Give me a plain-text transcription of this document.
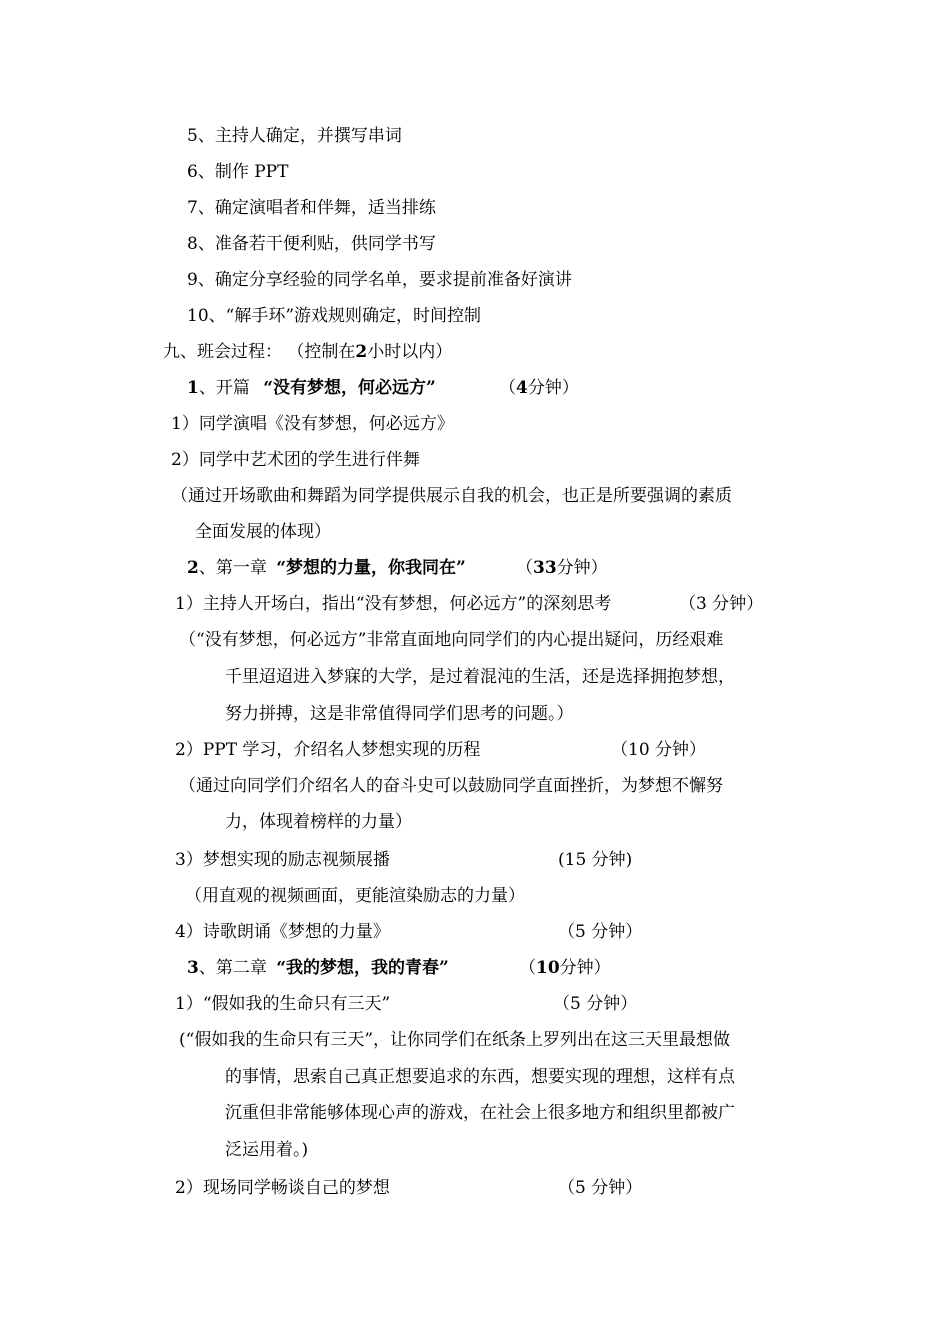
5、主持人确定，并撰写串词
6、制作 PPT
7、确定演唱者和伴舞，适当排练
8、准备若干便利贴，供同学书写
9、确定分享经验的同学名单，要求提前准备好演讲
10、“解手环”游戏规则确定，时间控制
九、班会过程： （控制在2小时以内）
1、开篇 “没有梦想，何必远方”	（4分钟）
1）同学演唱《没有梦想，何必远方》
2）同学中艺术团的学生进行伴舞
（通过开场歌曲和舞蹈为同学提供展示自我的机会，也正是所要强调的素质
全面发展的体现）
2、第一章 “梦想的力量，你我同在”	（33分钟）
1）主持人开场白，指出“没有梦想，何必远方”的深刻思考	（3 分钟）
（“没有梦想，何必远方”非常直面地向同学们的内心提出疑问，历经艰难
千里迢迢进入梦寐的大学，是过着混沌的生活，还是选择拥抱梦想，
努力拼搏，这是非常值得同学们思考的问题。）
2）PPT 学习，介绍名人梦想实现的历程	（10 分钟）
（通过向同学们介绍名人的奋斗史可以鼓励同学直面挫折，为梦想不懈努
力，体现着榜样的力量）
3）梦想实现的励志视频展播	(15 分钟)
（用直观的视频画面，更能渲染励志的力量）
4）诗歌朗诵《梦想的力量》	（5 分钟）
3、第二章 “我的梦想，我的青春”	（10分钟）
1）“假如我的生命只有三天”	（5 分钟）
(“假如我的生命只有三天”，让你同学们在纸条上罗列出在这三天里最想做
的事情，思索自己真正想要追求的东西，想要实现的理想，这样有点
沉重但非常能够体现心声的游戏，在社会上很多地方和组织里都被广
泛运用着。)
2）现场同学畅谈自己的梦想	（5 分钟）
